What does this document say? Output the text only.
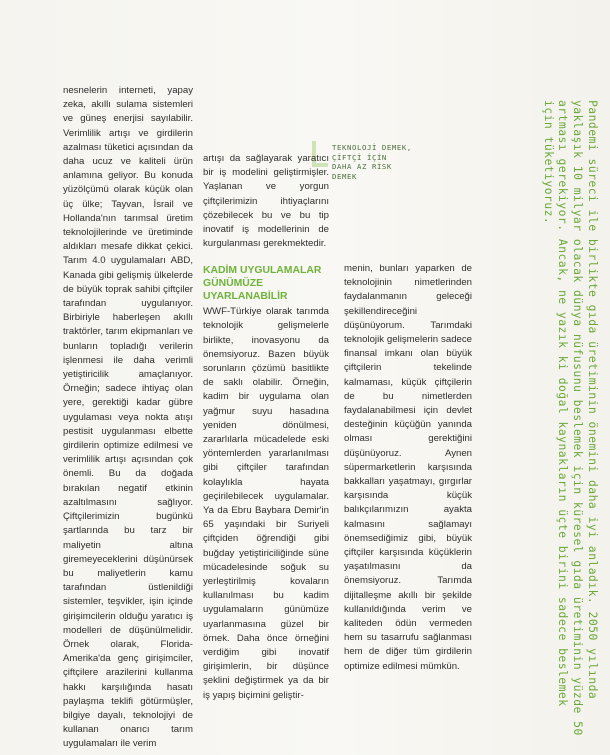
nesnelerin interneti, yapay zeka, akıllı sulama sistemleri ve güneş enerjisi sayılabilir. Verimlilik artışı ve girdilerin azalması tüketici açısından da daha ucuz ve kaliteli ürün anlamına geliyor. Bu konuda yüzölçümü olarak küçük olan üç ülke; Tayvan, İsrail ve Hollanda'nın tarımsal üretim teknolojilerinde ve üretiminde aldıkları mesafe dikkat çekici. Tarım 4.0 uygulamaları ABD, Kanada gibi gelişmiş ülkelerde de büyük toprak sahibi çiftçiler tarafından uygulanıyor. Birbiriyle haberleşen akıllı traktörler, tarım ekipmanları ve bunların topladığı verilerin işlenmesi ile daha verimli yetiştiricilik amaçlanıyor. Örneğin; sadece ihtiyaç olan yere, gerektiği kadar gübre uygulaması veya nokta atışı pestisit uygulanması elbette girdilerin optimize edilmesi ve verimlilik artışı açısından çok önemli. Bu da doğada bırakılan negatif etkinin azaltılmasını sağlıyor. Çiftçilerimizin bugünkü şartlarında bu tarz bir maliyetin altına giremeyeceklerini düşünürsek bu maliyetlerin kamu tarafından üstlenildiği sistemler, teşvikler, işin içinde girişimcilerin olduğu yaratıcı iş modelleri de düşünülmelidir. Örnek olarak, Florida-Amerika'da genç girişimciler, çiftçilere arazilerini kullanma hakkı karşılığında hasatı paylaşma teklifi götürmüşler, bilgiye dayalı, teknolojiyi de kullanan onarıcı tarım uygulamaları ile verim

TEKNOLOJİ DEMEK,
ÇİFTÇİ İÇİN
DAHA AZ RİSK
DEMEK

artışı da sağlayarak yaratıcı bir iş modelini geliştirmişler. Yaşlanan ve yorgun çiftçilerimizin ihtiyaçlarını çözebilecek bu ve bu tip inovatif iş modellerinin de kurgulanması gerekmektedir.

KADİM UYGULAMALAR GÜNÜMÜZE UYARLANABİLİR

WWF-Türkiye olarak tarımda teknolojik gelişmelerle birlikte, inovasyonu da önemsiyoruz. Bazen büyük sorunların çözümü basitlikte de saklı olabilir. Örneğin, kadim bir uygulama olan yağmur suyu hasadına yeniden dönülmesi, zararlılarla mücadelede eski yöntemlerden yararlanılması gibi çiftçiler tarafından kolaylıkla hayata geçirilebilecek uygulamalar. Ya da Ebru Baybara Demir'in 65 yaşındaki bir Suriyeli çiftçiden öğrendiği gibi buğday yetiştiriciliğinde süne mücadelesinde soğuk su yerleştirilmiş kovaların kullanılması bu kadim uygulamaların günümüze uyarlanmasına güzel bir örnek. Daha önce örneğini verdiğim gibi inovatif girişimlerin, bir düşünce şeklini değiştirmek ya da bir iş yapış biçimini geliştir-

menin, bunları yaparken de teknolojinin nimetlerinden faydalanmanın geleceği şekillendireceğini düşünüyorum. Tarımdaki teknolojik gelişmelerin sadece finansal imkanı olan büyük çiftçilerin tekelinde kalmaması, küçük çiftçilerin de bu nimetlerden faydalanabilmesi için devlet desteğinin küçüğün yanında olması gerektiğini düşünüyoruz. Aynen süpermarketlerin karşısında bakkalları yaşatmayı, gırgırlar karşısında küçük balıkçılarımızın ayakta kalmasını sağlamayı önemsediğimiz gibi, büyük çiftçiler karşısında küçüklerin yaşatılmasını da önemsiyoruz. Tarımda dijitalleşme akıllı bir şekilde kullanıldığında verim ve kaliteden ödün vermeden hem su tasarrufu sağlanması hem de diğer tüm girdilerin optimize edilmesi mümkün.	Pandemi süreci ile birlikte gıda üretiminin önemini daha iyi anladık. 2050 yılında yaklaşık 10 milyar olacak dünya nüfusunu beslemek için küresel gıda üretiminin yüzde 50 artması gerekiyor. Ancak, ne yazık ki doğal kaynakların üçte birini sadece beslemek için tüketiyoruz.
